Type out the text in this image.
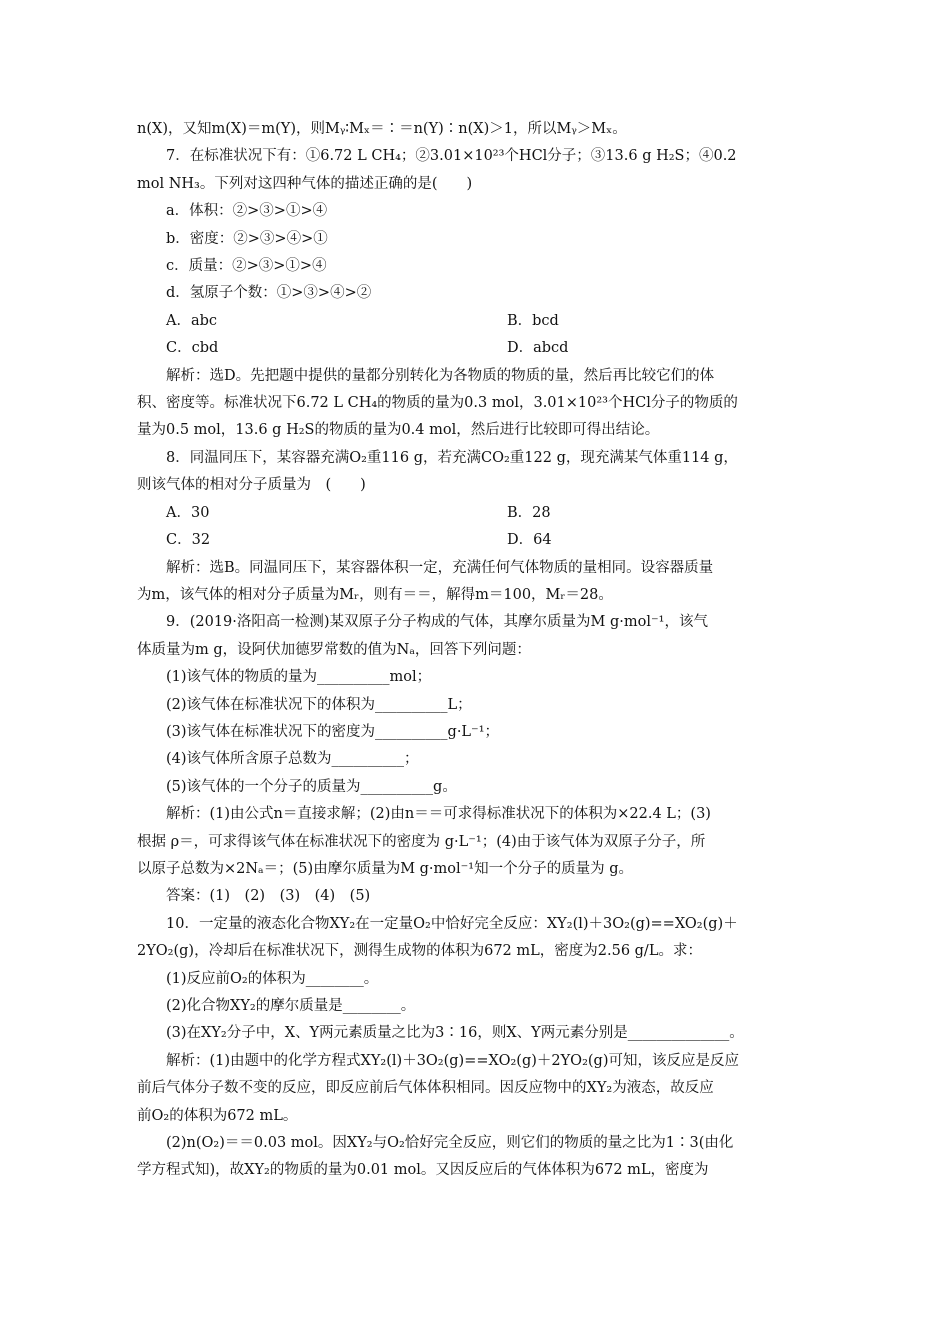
n(X)，又知m(X)＝m(Y)，则Mᵧ∶Mₓ＝∶＝n(Y)∶n(X)＞1，所以Mᵧ＞Mₓ。

7．在标准状况下有：①6.72 L CH₄；②3.01×10²³个HCl分子；③13.6 g H₂S；④0.2

mol NH₃。下列对这四种气体的描述正确的是(　　)

a．体积：②>③>①>④

b．密度：②>③>④>①

c．质量：②>③>①>④

d．氢原子个数：①>③>④>②

A．abc	B．bcd
C．cbd	D．abcd

解析：选D。先把题中提供的量都分别转化为各物质的物质的量，然后再比较它们的体

积、密度等。标准状况下6.72 L CH₄的物质的量为0.3 mol，3.01×10²³个HCl分子的物质的

量为0.5 mol，13.6 g H₂S的物质的量为0.4 mol，然后进行比较即可得出结论。

8．同温同压下，某容器充满O₂重116 g，若充满CO₂重122 g，现充满某气体重114 g，

则该气体的相对分子质量为　(　　)

A．30	B．28
C．32	D．64

解析：选B。同温同压下，某容器体积一定，充满任何气体物质的量相同。设容器质量

为m，该气体的相对分子质量为Mᵣ，则有＝＝，解得m＝100，Mᵣ＝28。

9．(2019·洛阳高一检测)某双原子分子构成的气体，其摩尔质量为M g·mol⁻¹，该气

体质量为m g，设阿伏加德罗常数的值为Nₐ，回答下列问题：

(1)该气体的物质的量为__________mol；

(2)该气体在标准状况下的体积为__________L；

(3)该气体在标准状况下的密度为__________g·L⁻¹；

(4)该气体所含原子总数为__________；

(5)该气体的一个分子的质量为__________g。

解析：(1)由公式n＝直接求解；(2)由n＝＝可求得标准状况下的体积为×22.4 L；(3)

根据 ρ＝，可求得该气体在标准状况下的密度为 g·L⁻¹；(4)由于该气体为双原子分子，所

以原子总数为×2Nₐ＝；(5)由摩尔质量为M g·mol⁻¹知一个分子的质量为 g。

答案：(1)　(2)　(3)　(4)　(5)

10．一定量的液态化合物XY₂在一定量O₂中恰好完全反应：XY₂(l)＋3O₂(g)==XO₂(g)＋

2YO₂(g)，冷却后在标准状况下，测得生成物的体积为672 mL，密度为2.56 g/L。求：

(1)反应前O₂的体积为________。

(2)化合物XY₂的摩尔质量是________。

(3)在XY₂分子中，X、Y两元素质量之比为3∶16，则X、Y两元素分别是______________。

解析：(1)由题中的化学方程式XY₂(l)＋3O₂(g)==XO₂(g)＋2YO₂(g)可知，该反应是反应

前后气体分子数不变的反应，即反应前后气体体积相同。因反应物中的XY₂为液态，故反应

前O₂的体积为672 mL。

(2)n(O₂)＝＝0.03 mol。因XY₂与O₂恰好完全反应，则它们的物质的量之比为1∶3(由化

学方程式知)，故XY₂的物质的量为0.01 mol。又因反应后的气体体积为672 mL，密度为
